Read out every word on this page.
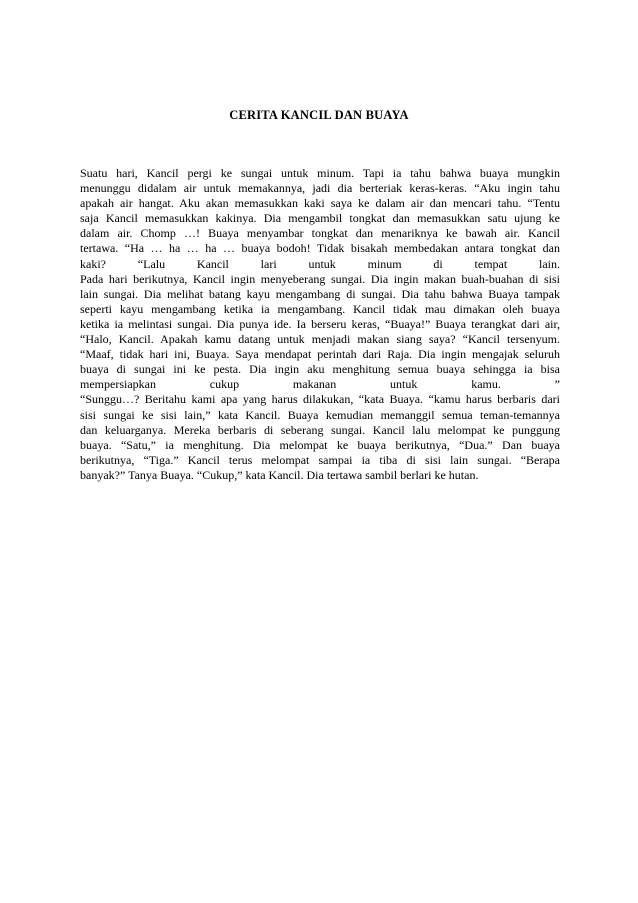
CERITA KANCIL DAN BUAYA
Suatu hari, Kancil pergi ke sungai untuk minum. Tapi ia tahu bahwa buaya mungkin
menunggu didalam air untuk memakannya, jadi dia berteriak keras-keras. “Aku ingin tahu
apakah air hangat. Aku akan memasukkan kaki saya ke dalam air dan mencari tahu. “Tentu
saja Kancil memasukkan kakinya. Dia mengambil tongkat dan memasukkan satu ujung ke
dalam air. Chomp …! Buaya menyambar tongkat dan menariknya ke bawah air. Kancil
tertawa. “Ha … ha … ha … buaya bodoh! Tidak bisakah membedakan antara tongkat dan
kaki? “Lalu Kancil lari untuk minum di tempat lain.
Pada hari berikutnya, Kancil ingin menyeberang sungai. Dia ingin makan buah-buahan di sisi
lain sungai. Dia melihat batang kayu mengambang di sungai. Dia tahu bahwa Buaya tampak
seperti kayu mengambang ketika ia mengambang. Kancil tidak mau dimakan oleh buaya
ketika ia melintasi sungai. Dia punya ide. Ia berseru keras, “Buaya!” Buaya terangkat dari air,
“Halo, Kancil. Apakah kamu datang untuk menjadi makan siang saya? “Kancil tersenyum.
“Maaf, tidak hari ini, Buaya. Saya mendapat perintah dari Raja. Dia ingin mengajak seluruh
buaya di sungai ini ke pesta. Dia ingin aku menghitung semua buaya sehingga ia bisa
mempersiapkan cukup makanan untuk kamu. ”
“Sunggu…? Beritahu kami apa yang harus dilakukan, “kata Buaya. “kamu harus berbaris dari
sisi sungai ke sisi lain,” kata Kancil. Buaya kemudian memanggil semua teman-temannya
dan keluarganya. Mereka berbaris di seberang sungai. Kancil lalu melompat ke punggung
buaya. “Satu,” ia menghitung. Dia melompat ke buaya berikutnya, “Dua.” Dan buaya
berikutnya, “Tiga.” Kancil terus melompat sampai ia tiba di sisi lain sungai. “Berapa
banyak?” Tanya Buaya. “Cukup,” kata Kancil. Dia tertawa sambil berlari ke hutan.
